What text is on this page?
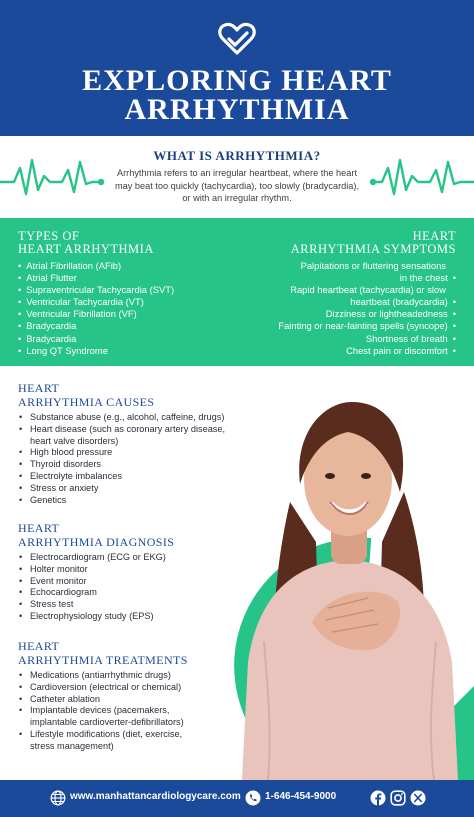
EXPLORING HEART
ARRHYTHMIA
WHAT IS ARRHYTHMIA?

Arrhythmia refers to an irregular heartbeat, where the heart may beat too quickly (tachycardia), too slowly (bradycardia), or with an irregular rhythm.

TYPES OF
HEART ARRHYTHMIA
• Atrial Fibrillation (AFib)
• Atrial Flutter
• Supraventricular Tachycardia (SVT)
• Ventricular Tachycardia (VT)
• Ventricular Fibrillation (VF)
• Bradycardia
• Bradycardia
• Long QT Syndrome
HEART
ARRHYTHMIA SYMPTOMS
Palpitations or fluttering sensations
in the chest •
Rapid heartbeat (tachycardia) or slow
heartbeat (bradycardia) •
Dizziness or lightheadedness •
Fainting or near-fainting spells (syncope) •
Shortness of breath •
Chest pain or discomfort •
HEART
ARRHYTHMIA CAUSES
• Substance abuse (e.g., alcohol, caffeine, drugs)
• Heart disease (such as coronary artery disease,
heart valve disorders)
• High blood pressure
• Thyroid disorders
• Electrolyte imbalances
• Stress or anxiety
• Genetics
HEART
ARRHYTHMIA DIAGNOSIS
• Electrocardiogram (ECG or EKG)
• Holter monitor
• Event monitor
• Echocardiogram
• Stress test
• Electrophysiology study (EPS)
HEART
ARRHYTHMIA TREATMENTS
• Medications (antiarrhythmic drugs)
• Cardioversion (electrical or chemical)
• Catheter ablation
• Implantable devices (pacemakers,
implantable cardioverter-defibrillators)
• Lifestyle modifications (diet, exercise,
stress management)
www.manhattancardiologycare.com 1-646-454-9000
